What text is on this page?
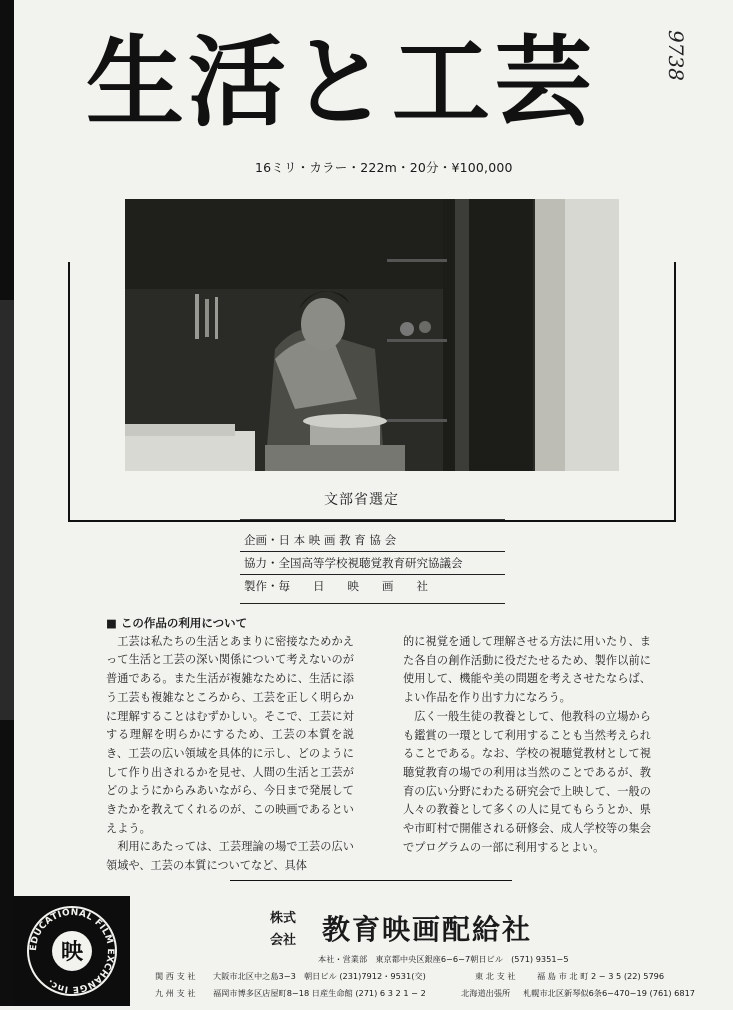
生活と工芸	9738
16ミリ・カラー・222m・20分・¥100,000
文部省選定
企画・日 本 映 画 教 育 協 会
協力・全国高等学校視聴覚教育研究協議会
製作・毎　　日　　映　　画　　社

■ この作品の利用について

工芸は私たちの生活とあまりに密接なためかえって生活と工芸の深い関係について考えないのが普通である。また生活が複雑なために、生活に添う工芸も複雑なところから、工芸を正しく明らかに理解することはむずかしい。そこで、工芸に対する理解を明らかにするため、工芸の本質を説き、工芸の広い領域を具体的に示し、どのようにして作り出されるかを見せ、人間の生活と工芸がどのようにからみあいながら、今日まで発展してきたかを教えてくれるのが、この映画であるといえよう。

利用にあたっては、工芸理論の場で工芸の広い領域や、工芸の本質についてなど、具体

的に視覚を通して理解させる方法に用いたり、また各自の創作活動に役だたせるため、製作以前に使用して、機能や美の問題を考えさせたならば、よい作品を作り出す力になろう。

広く一般生徒の教養として、他教科の立場からも鑑賞の一環として利用することも当然考えられることである。なお、学校の視聴覚教材として視聴覚教育の場での利用は当然のことであるが、教育の広い分野にわたる研究会で上映して、一般の人々の教養として多くの人に見てもらうとか、県や市町村で開催される研修会、成人学校等の集会でプログラムの一部に利用するとよい。

EDUCATIONAL FILM EXCHANGE Inc.
映
株式
会社 教育映画配給社
本社・営業部　東京都中央区銀座6−6−7朝日ビル　(571) 9351−5
関 西 支 社	大阪市北区中之島3−3　朝日ビル (231)7912・9531(交)	東 北 支 社	福 島 市 北 町 2 − 3 5 (22) 5796
九 州 支 社	福岡市博多区店屋町8−18 日産生命館 (271) 6 3 2 1 − 2	北海道出張所	札幌市北区新琴似6条6−470−19 (761) 6817
